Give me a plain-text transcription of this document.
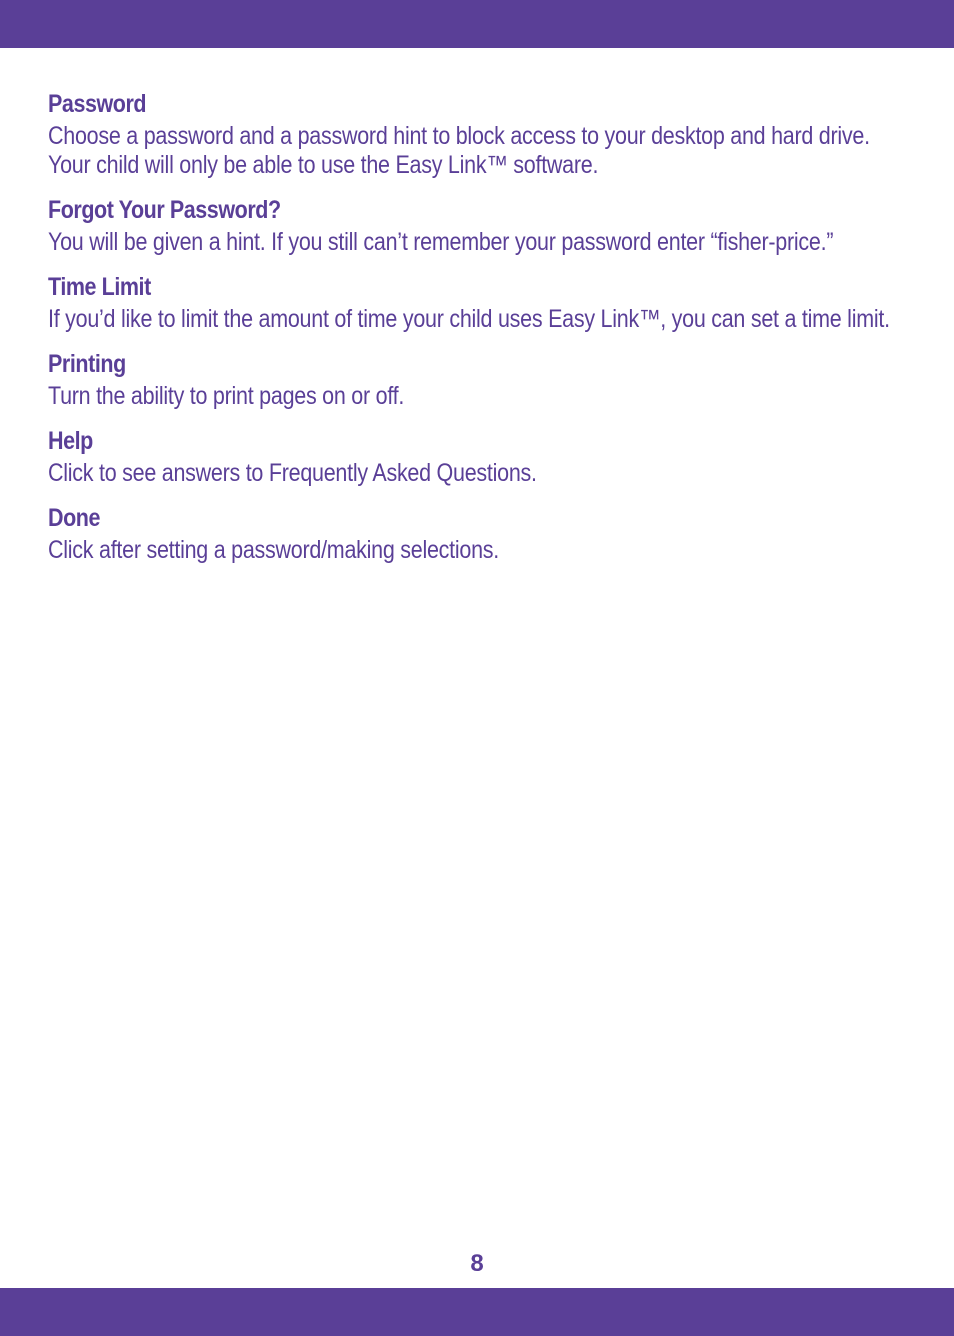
Password
Choose a password and a password hint to block access to your desktop and hard drive. Your child will only be able to use the Easy Link™ software.
Forgot Your Password?
You will be given a hint. If you still can’t remember your password enter “fisher-price.”
Time Limit
If you’d like to limit the amount of time your child uses Easy Link™, you can set a time limit.
Printing
Turn the ability to print pages on or off.
Help
Click to see answers to Frequently Asked Questions.
Done
Click after setting a password/making selections.
8
